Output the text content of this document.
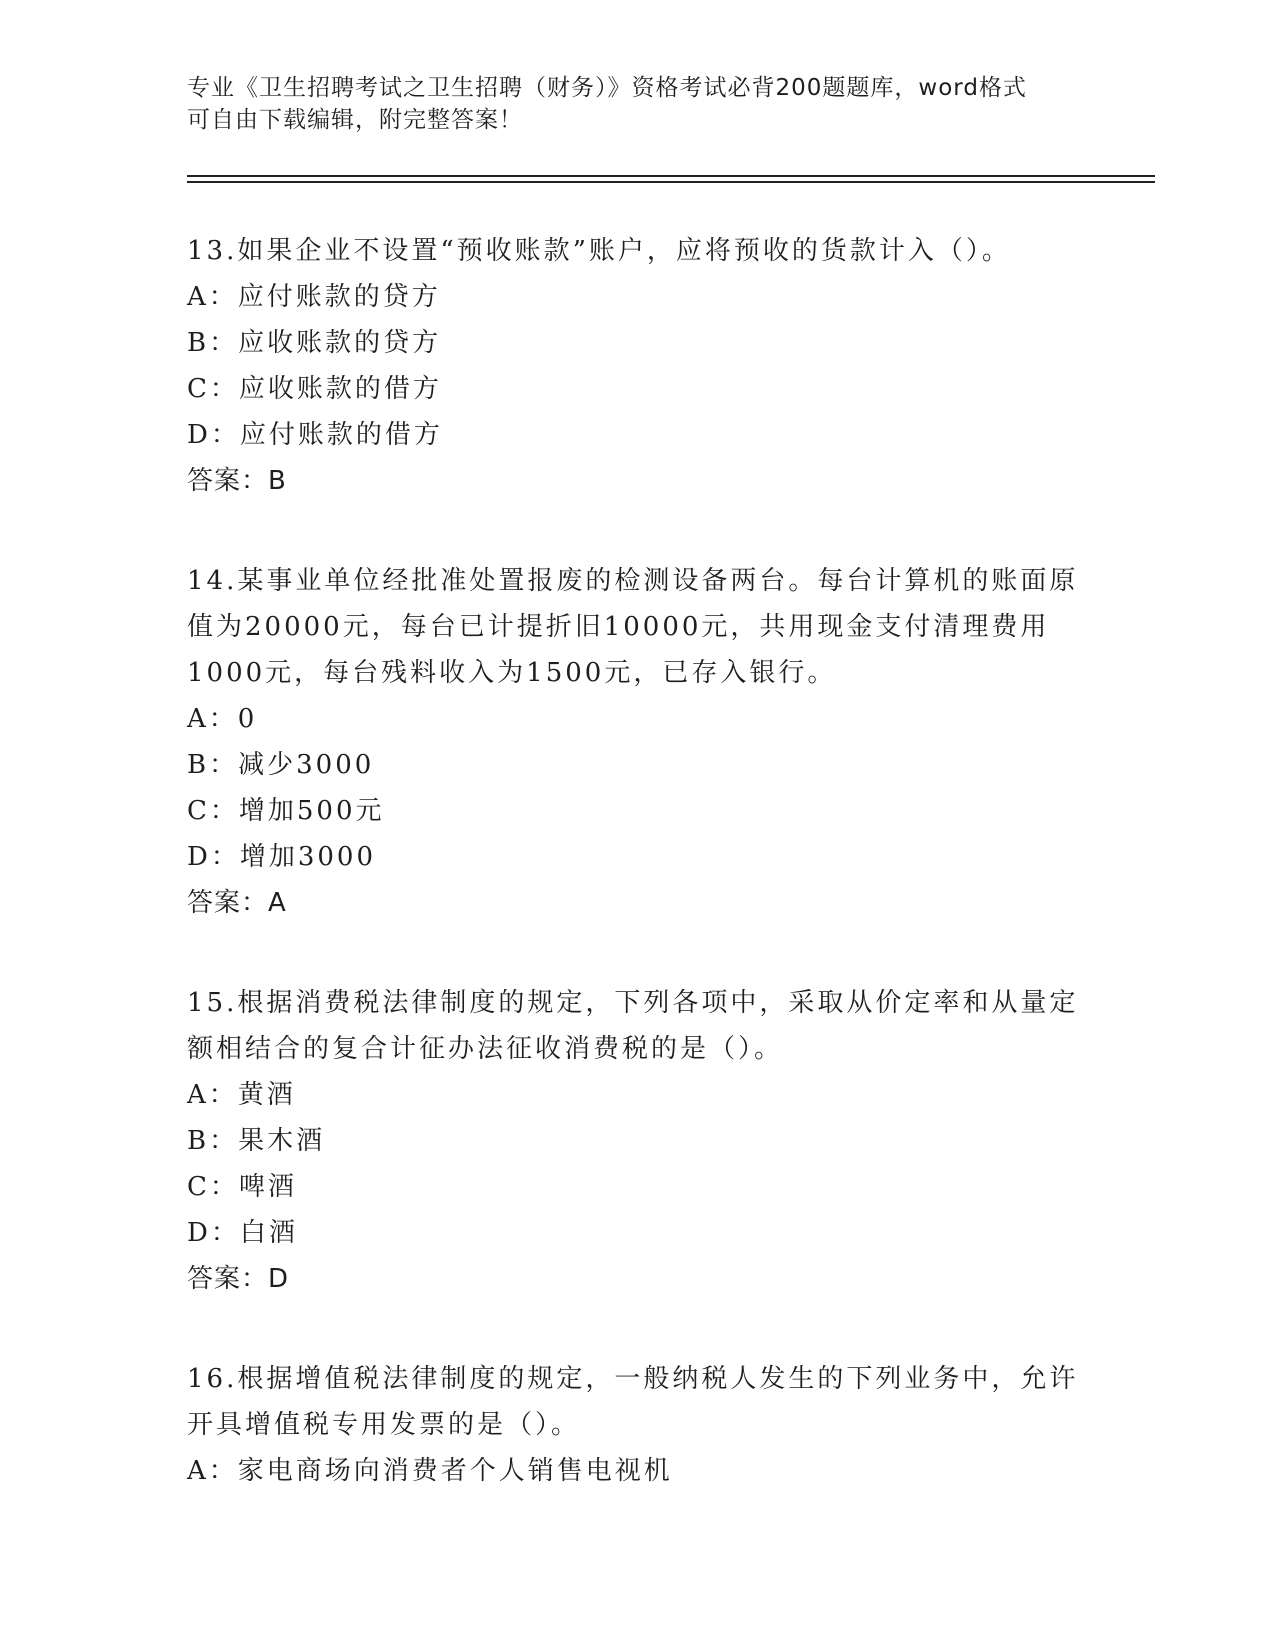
专业《卫生招聘考试之卫生招聘（财务）》资格考试必背200题题库，word格式
可自由下载编辑，附完整答案！
13.如果企业不设置“预收账款”账户，应将预收的货款计入（）。
A：应付账款的贷方
B：应收账款的贷方
C：应收账款的借方
D：应付账款的借方
答案：B
14.某事业单位经批准处置报废的检测设备两台。每台计算机的账面原
值为20000元，每台已计提折旧10000元，共用现金支付清理费用
1000元，每台残料收入为1500元，已存入银行。
A：0
B：减少3000
C：增加500元
D：增加3000
答案：A
15.根据消费税法律制度的规定，下列各项中，采取从价定率和从量定
额相结合的复合计征办法征收消费税的是（）。
A：黄酒
B：果木酒
C：啤酒
D：白酒
答案：D
16.根据增值税法律制度的规定，一般纳税人发生的下列业务中，允许
开具增值税专用发票的是（）。
A：家电商场向消费者个人销售电视机
